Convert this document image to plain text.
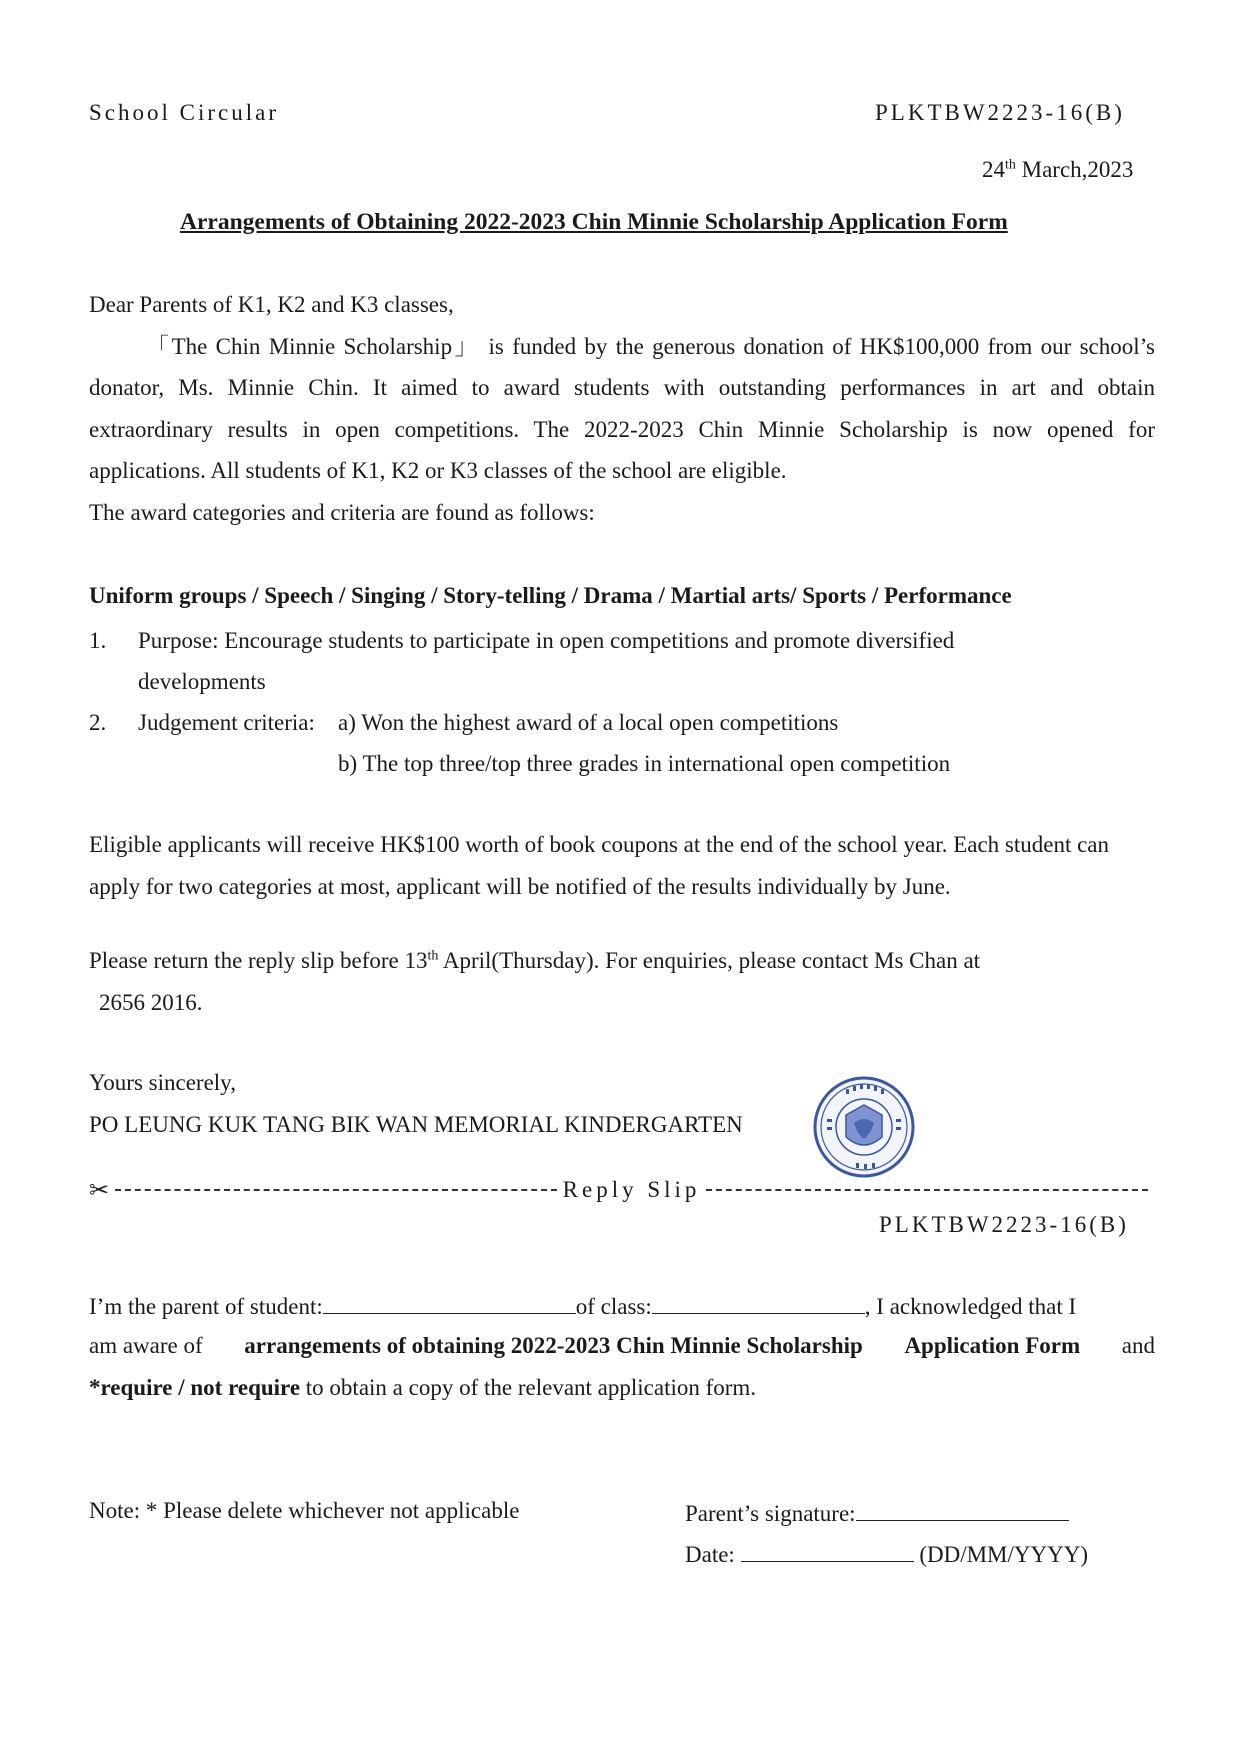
School Circular	PLKTBW2223-16(B)
24th March,2023
Arrangements of Obtaining 2022-2023 Chin Minnie Scholarship Application Form

Dear Parents of K1, K2 and K3 classes,

「The Chin Minnie Scholarship」 is funded by the generous donation of HK$100,000 from our school’s donator, Ms. Minnie Chin. It aimed to award students with outstanding performances in art and obtain extraordinary results in open competitions. The 2022-2023 Chin Minnie Scholarship is now opened for applications. All students of K1, K2 or K3 classes of the school are eligible.

The award categories and criteria are found as follows:

Uniform groups / Speech / Singing / Story-telling / Drama / Martial arts/ Sports / Performance
1. Purpose: Encourage students to participate in open competitions and promote diversified
developments
2. Judgement criteria: a) Won the highest award of a local open competitions
b) The top three/top three grades in international open competition

Eligible applicants will receive HK$100 worth of book coupons at the end of the school year. Each student can apply for two categories at most, applicant will be notified of the results individually by June.

Please return the reply slip before 13th April(Thursday). For enquiries, please contact Ms Chan at
2656 2016.
Yours sincerely,
PO LEUNG KUK TANG BIK WAN MEMORIAL KINDERGARTEN
✂	Reply Slip
PLKTBW2223-16(B)
I’m the parent of student:	of class:	, I acknowledged that I
am aware of arrangements of obtaining 2022-2023 Chin Minnie Scholarship Application Form and
*require / not require to obtain a copy of the relevant application form.
Note: * Please delete whichever not applicable	Parent’s signature:
Date:	(DD/MM/YYYY)
